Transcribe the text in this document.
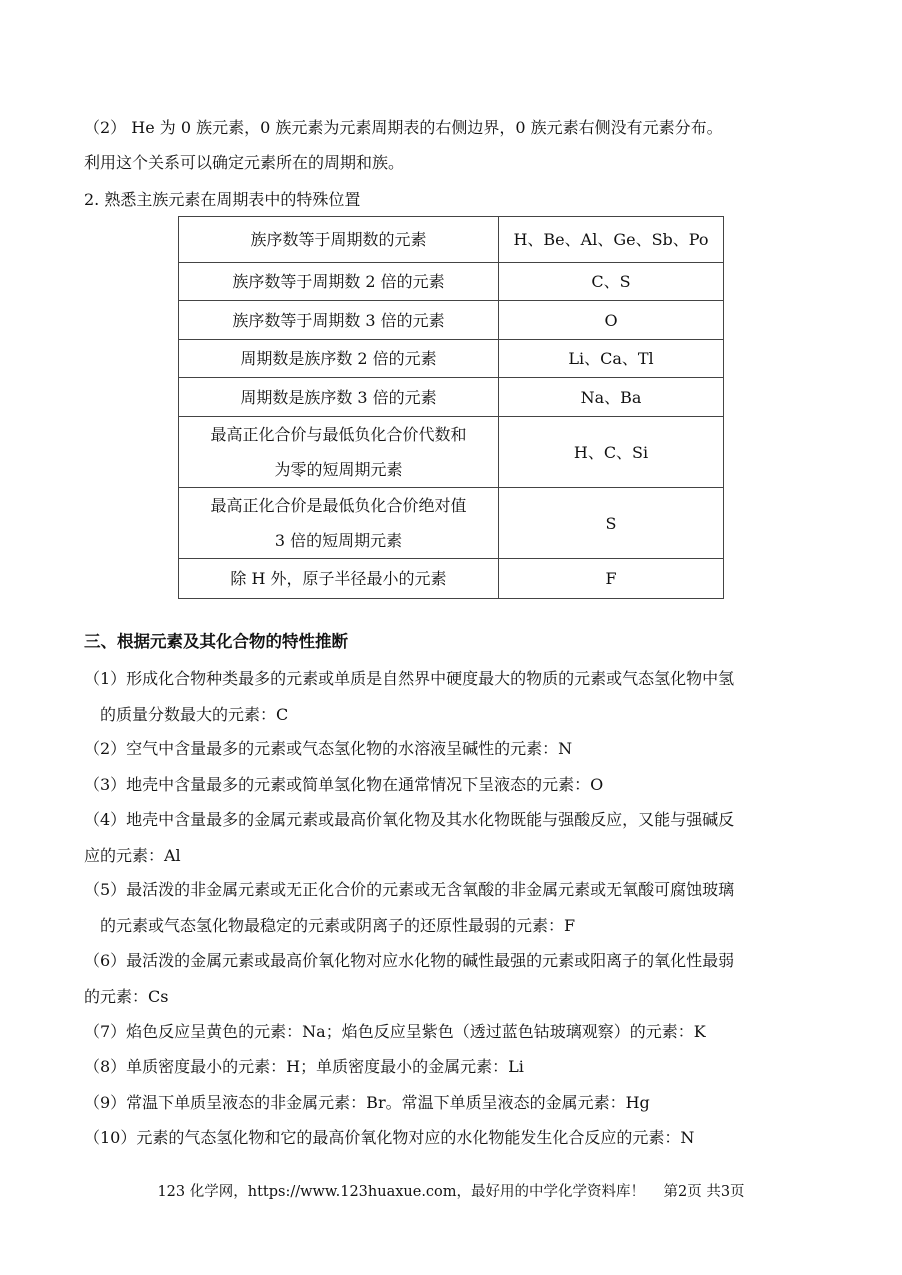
（2） He 为 0 族元素，0 族元素为元素周期表的右侧边界，0 族元素右侧没有元素分布。
利用这个关系可以确定元素所在的周期和族。
2. 熟悉主族元素在周期表中的特殊位置
族序数等于周期数的元素	H、Be、Al、Ge、Sb、Po
族序数等于周期数 2 倍的元素	C、S
族序数等于周期数 3 倍的元素	O
周期数是族序数 2 倍的元素	Li、Ca、Tl
周期数是族序数 3 倍的元素	Na、Ba

最高正化合价与最低负化合价代数和
为零的短周期元素	H、C、Si

最高正化合价是最低负化合价绝对值
3 倍的短周期元素	S
除 H 外，原子半径最小的元素	F
三、根据元素及其化合物的特性推断
（1）形成化合物种类最多的元素或单质是自然界中硬度最大的物质的元素或气态氢化物中氢
的质量分数最大的元素：C
（2）空气中含量最多的元素或气态氢化物的水溶液呈碱性的元素：N
（3）地壳中含量最多的元素或简单氢化物在通常情况下呈液态的元素：O
（4）地壳中含量最多的金属元素或最高价氧化物及其水化物既能与强酸反应，又能与强碱反
应的元素：Al
（5）最活泼的非金属元素或无正化合价的元素或无含氧酸的非金属元素或无氧酸可腐蚀玻璃
的元素或气态氢化物最稳定的元素或阴离子的还原性最弱的元素：F
（6）最活泼的金属元素或最高价氧化物对应水化物的碱性最强的元素或阳离子的氧化性最弱
的元素：Cs
（7）焰色反应呈黄色的元素：Na；焰色反应呈紫色（透过蓝色钴玻璃观察）的元素：K
（8）单质密度最小的元素：H；单质密度最小的金属元素：Li
（9）常温下单质呈液态的非金属元素：Br。常温下单质呈液态的金属元素：Hg
（10）元素的气态氢化物和它的最高价氧化物对应的水化物能发生化合反应的元素：N
123 化学网，https://www.123huaxue.com，最好用的中学化学资料库！ 第2页 共3页
